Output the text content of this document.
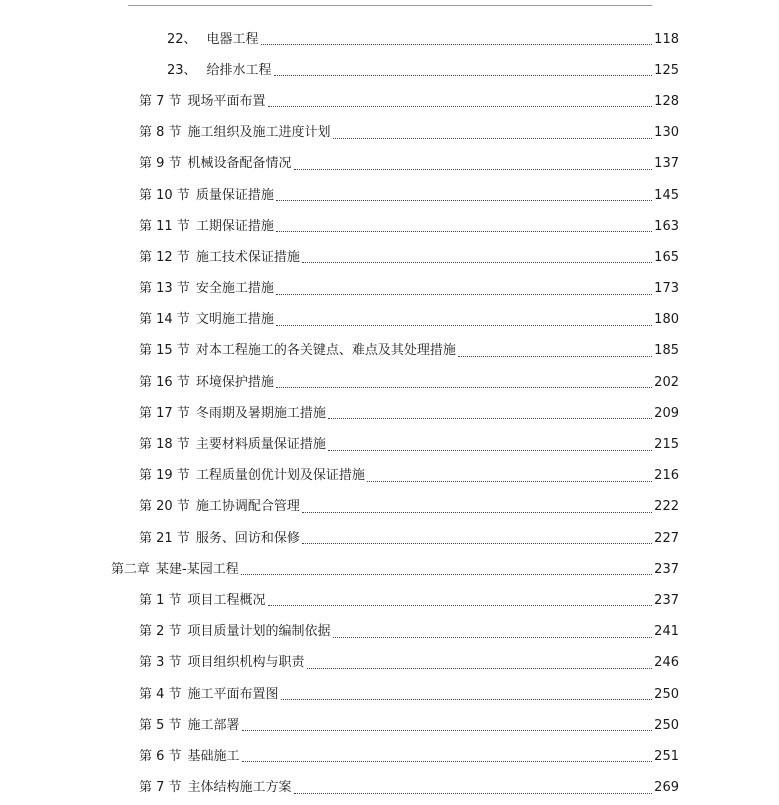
22、 电器工程	118
23、 给排水工程	125
第 7 节 现场平面布置	128
第 8 节 施工组织及施工进度计划	130
第 9 节 机械设备配备情况	137
第 10 节 质量保证措施	145
第 11 节 工期保证措施	163
第 12 节 施工技术保证措施	165
第 13 节 安全施工措施	173
第 14 节 文明施工措施	180
第 15 节 对本工程施工的各关键点、难点及其处理措施	185
第 16 节 环境保护措施	202
第 17 节 冬雨期及暑期施工措施	209
第 18 节 主要材料质量保证措施	215
第 19 节 工程质量创优计划及保证措施	216
第 20 节 施工协调配合管理	222
第 21 节 服务、回访和保修	227
第二章 某建-某园工程	237
第 1 节 项目工程概况	237
第 2 节 项目质量计划的编制依据	241
第 3 节 项目组织机构与职责	246
第 4 节 施工平面布置图	250
第 5 节 施工部署	250
第 6 节 基础施工	251
第 7 节 主体结构施工方案	269
